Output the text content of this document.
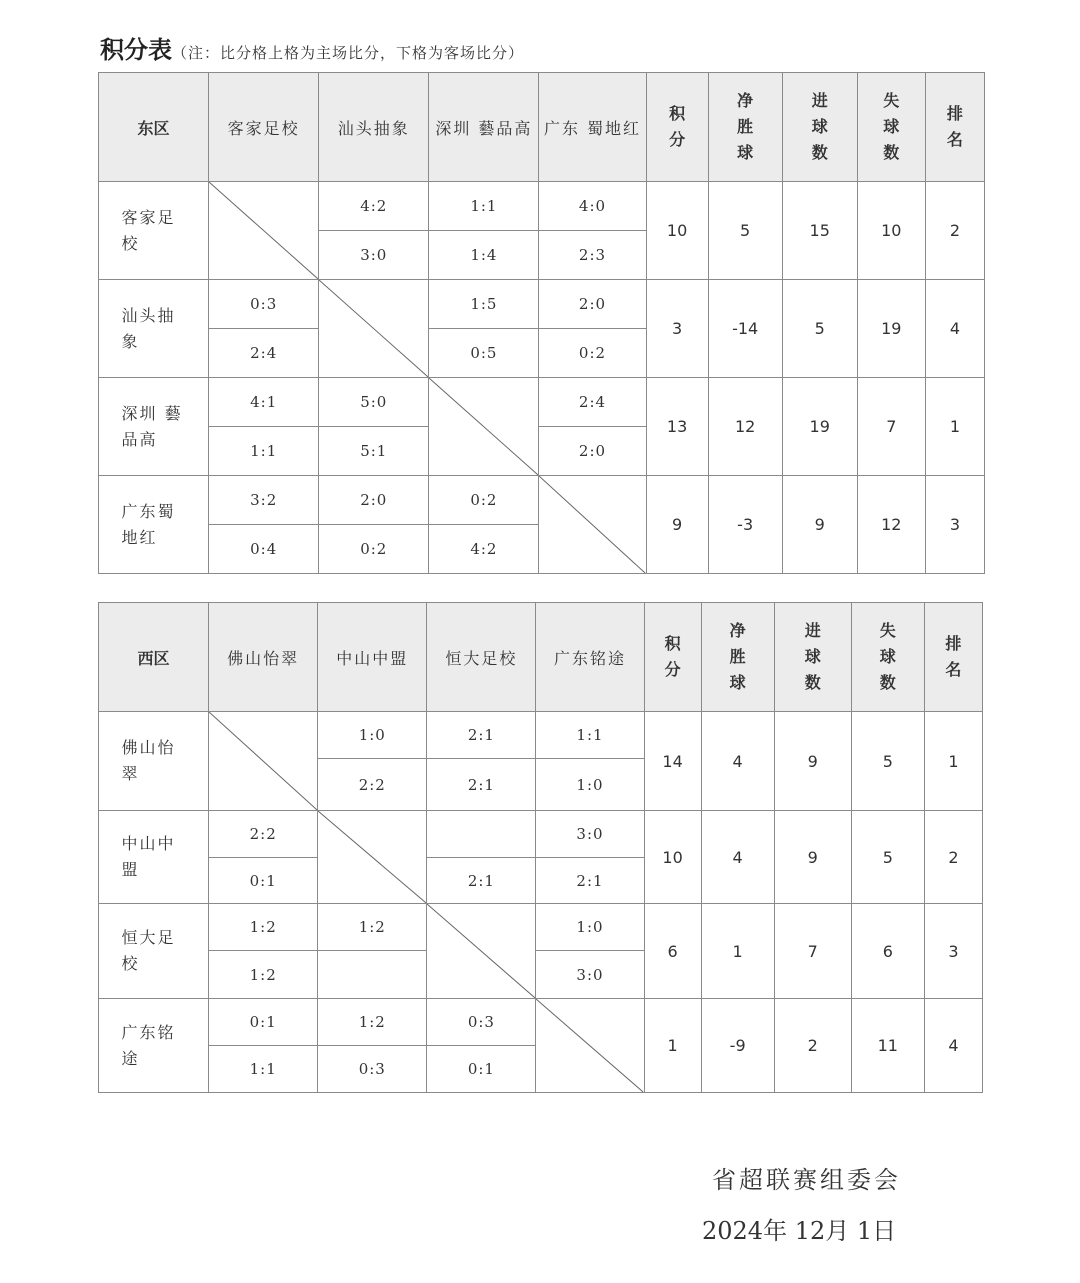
积分表（注：比分格上格为主场比分，下格为客场比分）
东区	客家足校	汕头抽象	深圳 藝品高	广东 蜀地红	积分	净胜球	进球数	失球数	排名
客家足校		4:2	1:1	4:0	10	5	15	10	2
		3:0	1:4	2:3					
汕头抽象	0:3		1:5	2:0	3	-14	5	19	4
	2:4		0:5	0:2					
深圳 藝品高	4:1	5:0		2:4	13	12	19	7	1
	1:1	5:1		2:0					
广东蜀 地红	3:2	2:0	0:2		9	-3	9	12	3
	0:4	0:2	4:2						
西区	佛山怡翠	中山中盟	恒大足校	广东铭途	积分	净胜球	进球数	失球数	排名
佛山怡翠		1:0	2:1	1:1	14	4	9	5	1
		2:2	2:1	1:0					
中山中盟	2:2			3:0	10	4	9	5	2
	0:1		2:1	2:1					
恒大足校	1:2	1:2		1:0	6	1	7	6	3
	1:2			3:0					
广东铭途	0:1	1:2	0:3		1	-9	2	11	4
	1:1	0:3	0:1						
省超联赛组委会
2024年 12月 1日
